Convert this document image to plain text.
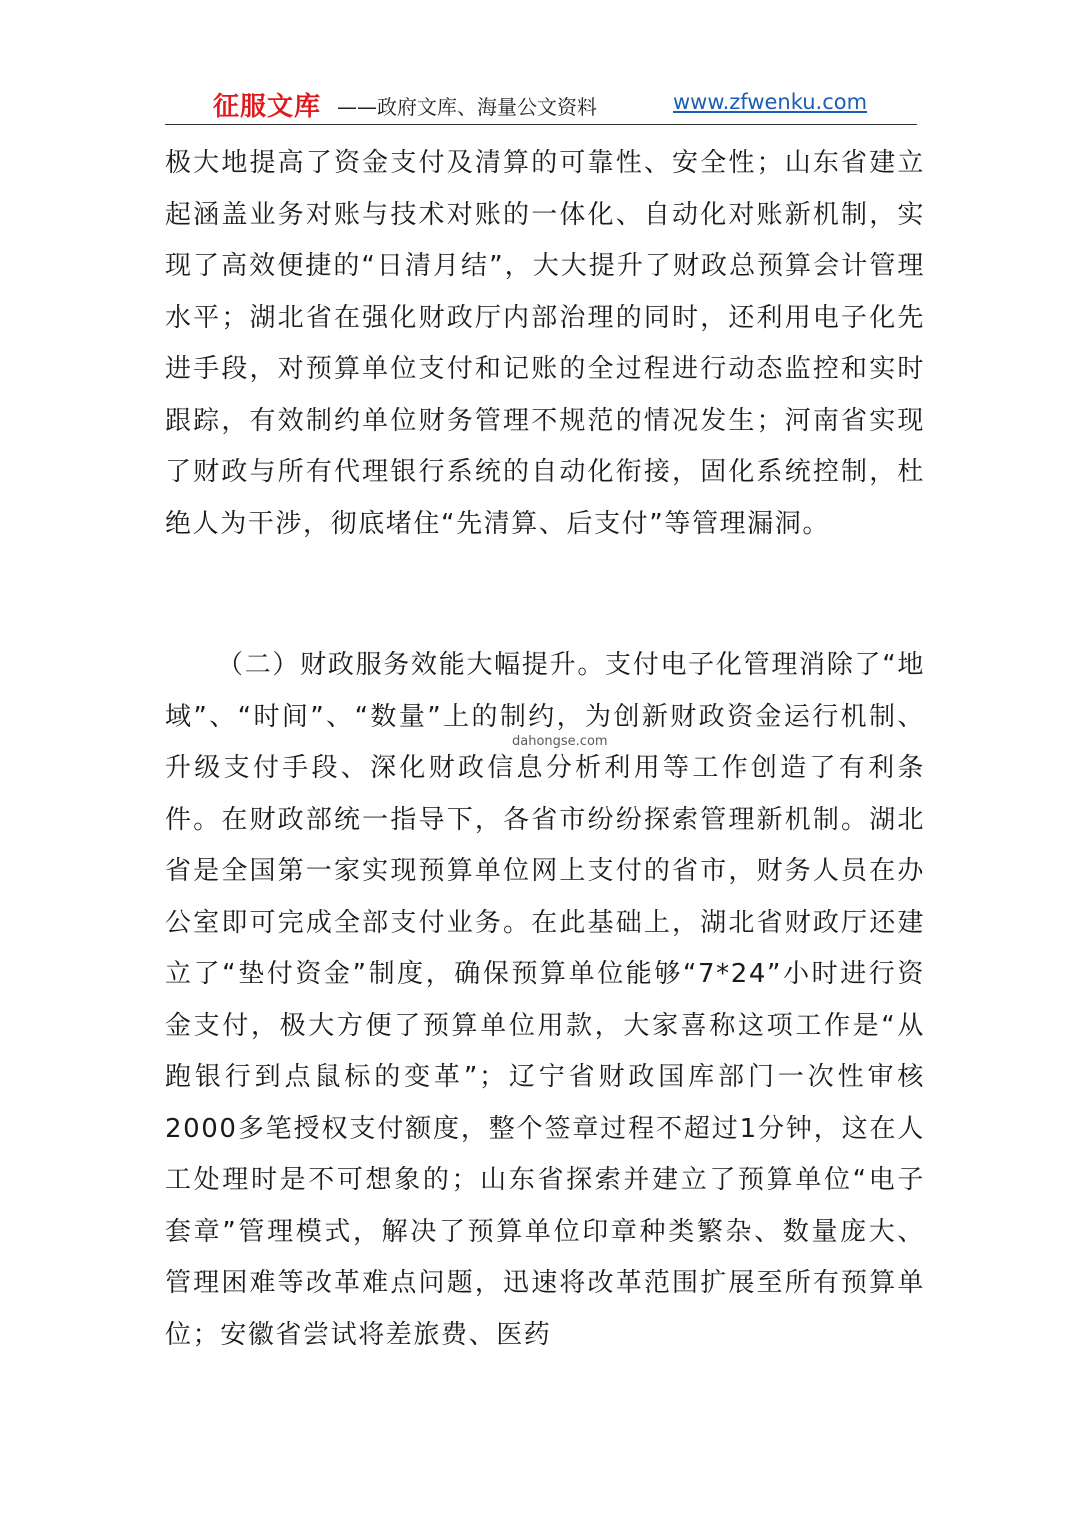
征服文库 ——政府文库、海量公文资料	www.zfwenku.com

极大地提高了资金支付及清算的可靠性、安全性；山东省建立起涵盖业务对账与技术对账的一体化、自动化对账新机制，实现了高效便捷的“日清月结”，大大提升了财政总预算会计管理水平；湖北省在强化财政厅内部治理的同时，还利用电子化先进手段，对预算单位支付和记账的全过程进行动态监控和实时跟踪，有效制约单位财务管理不规范的情况发生；河南省实现了财政与所有代理银行系统的自动化衔接，固化系统控制，杜绝人为干涉，彻底堵住“先清算、后支付”等管理漏洞。

（二）财政服务效能大幅提升。支付电子化管理消除了“地域”、“时间”、“数量”上的制约，为创新财政资金运行机制、升级支付手段、深化财政信息分析利用等工作创造了有利条件。在财政部统一指导下，各省市纷纷探索管理新机制。湖北省是全国第一家实现预算单位网上支付的省市，财务人员在办公室即可完成全部支付业务。在此基础上，湖北省财政厅还建立了“垫付资金”制度，确保预算单位能够“7*24”小时进行资金支付，极大方便了预算单位用款，大家喜称这项工作是“从跑银行到点鼠标的变革”；辽宁省财政国库部门一次性审核2000多笔授权支付额度，整个签章过程不超过1分钟，这在人工处理时是不可想象的；山东省探索并建立了预算单位“电子套章”管理模式，解决了预算单位印章种类繁杂、数量庞大、管理困难等改革难点问题，迅速将改革范围扩展至所有预算单位；安徽省尝试将差旅费、医药

dahongse.com
